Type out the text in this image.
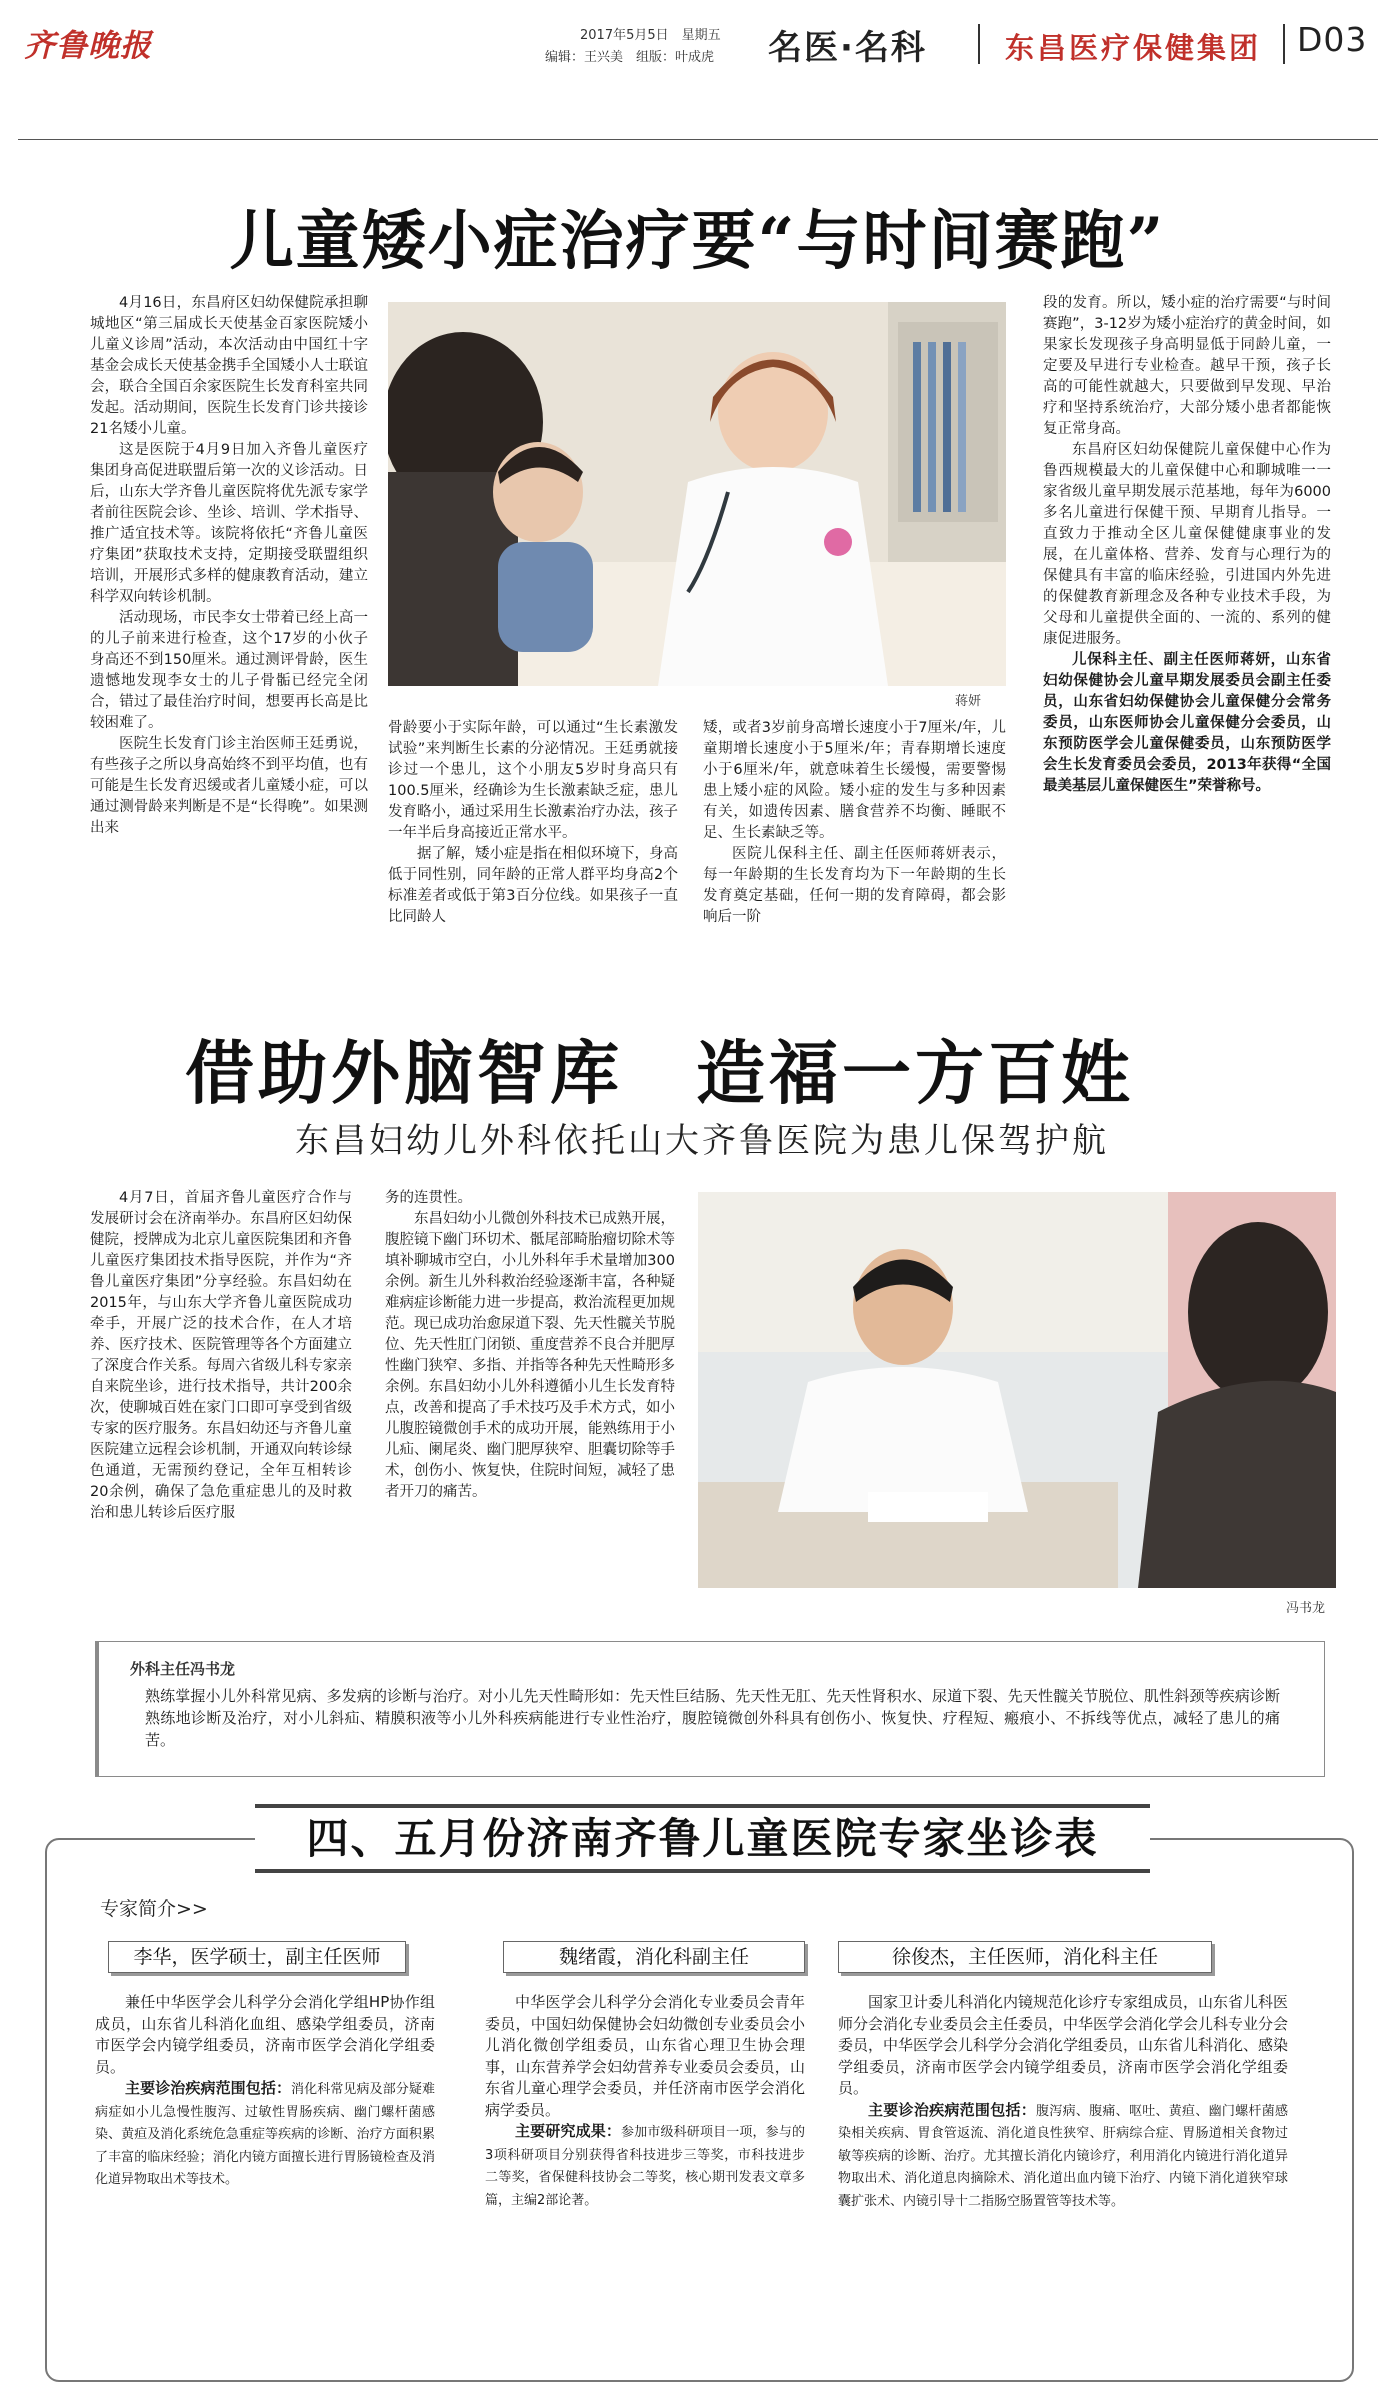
齐鲁晚报	2017年5月5日　星期五
编辑：王兴美　组版：叶成虎 名医·名科	东昌医疗保健集团 D03
儿童矮小症治疗要“与时间赛跑”

4月16日，东昌府区妇幼保健院承担聊城地区“第三届成长天使基金百家医院矮小儿童义诊周”活动，本次活动由中国红十字基金会成长天使基金携手全国矮小人士联谊会，联合全国百余家医院生长发育科室共同发起。活动期间，医院生长发育门诊共接诊21名矮小儿童。

这是医院于4月9日加入齐鲁儿童医疗集团身高促进联盟后第一次的义诊活动。日后，山东大学齐鲁儿童医院将优先派专家学者前往医院会诊、坐诊、培训、学术指导、推广适宜技术等。该院将依托“齐鲁儿童医疗集团”获取技术支持，定期接受联盟组织培训，开展形式多样的健康教育活动，建立科学双向转诊机制。

活动现场，市民李女士带着已经上高一的儿子前来进行检查，这个17岁的小伙子身高还不到150厘米。通过测评骨龄，医生遗憾地发现李女士的儿子骨骺已经完全闭合，错过了最佳治疗时间，想要再长高是比较困难了。

医院生长发育门诊主治医师王廷勇说，有些孩子之所以身高始终不到平均值，也有可能是生长发育迟缓或者儿童矮小症，可以通过测骨龄来判断是不是“长得晚”。如果测出来

蒋妍

骨龄要小于实际年龄，可以通过“生长素激发试验”来判断生长素的分泌情况。王廷勇就接诊过一个患儿，这个小朋友5岁时身高只有100.5厘米，经确诊为生长激素缺乏症，患儿发育略小，通过采用生长激素治疗办法，孩子一年半后身高接近正常水平。

据了解，矮小症是指在相似环境下，身高低于同性别，同年龄的正常人群平均身高2个标准差者或低于第3百分位线。如果孩子一直比同龄人

矮，或者3岁前身高增长速度小于7厘米/年，儿童期增长速度小于5厘米/年；青春期增长速度小于6厘米/年，就意味着生长缓慢，需要警惕患上矮小症的风险。矮小症的发生与多种因素有关，如遗传因素、膳食营养不均衡、睡眠不足、生长素缺乏等。

医院儿保科主任、副主任医师蒋妍表示，每一年龄期的生长发育均为下一年龄期的生长发育奠定基础，任何一期的发育障碍，都会影响后一阶

段的发育。所以，矮小症的治疗需要“与时间赛跑”，3-12岁为矮小症治疗的黄金时间，如果家长发现孩子身高明显低于同龄儿童，一定要及早进行专业检查。越早干预，孩子长高的可能性就越大，只要做到早发现、早治疗和坚持系统治疗，大部分矮小患者都能恢复正常身高。

东昌府区妇幼保健院儿童保健中心作为鲁西规模最大的儿童保健中心和聊城唯一一家省级儿童早期发展示范基地，每年为6000多名儿童进行保健干预、早期育儿指导。一直致力于推动全区儿童保健健康事业的发展，在儿童体格、营养、发育与心理行为的保健具有丰富的临床经验，引进国内外先进的保健教育新理念及各种专业技术手段，为父母和儿童提供全面的、一流的、系列的健康促进服务。

儿保科主任、副主任医师蒋妍，山东省妇幼保健协会儿童早期发展委员会副主任委员，山东省妇幼保健协会儿童保健分会常务委员，山东医师协会儿童保健分会委员，山东预防医学会儿童保健委员，山东预防医学会生长发育委员会委员，2013年获得“全国最美基层儿童保健医生”荣誉称号。

借助外脑智库　造福一方百姓
东昌妇幼儿外科依托山大齐鲁医院为患儿保驾护航

4月7日，首届齐鲁儿童医疗合作与发展研讨会在济南举办。东昌府区妇幼保健院，授牌成为北京儿童医院集团和齐鲁儿童医疗集团技术指导医院，并作为“齐鲁儿童医疗集团”分享经验。东昌妇幼在2015年，与山东大学齐鲁儿童医院成功牵手，开展广泛的技术合作，在人才培养、医疗技术、医院管理等各个方面建立了深度合作关系。每周六省级儿科专家亲自来院坐诊，进行技术指导，共计200余次，使聊城百姓在家门口即可享受到省级专家的医疗服务。东昌妇幼还与齐鲁儿童医院建立远程会诊机制，开通双向转诊绿色通道，无需预约登记，全年互相转诊20余例，确保了急危重症患儿的及时救治和患儿转诊后医疗服

务的连贯性。

东昌妇幼小儿微创外科技术已成熟开展，腹腔镜下幽门环切术、骶尾部畸胎瘤切除术等填补聊城市空白，小儿外科年手术量增加300余例。新生儿外科救治经验逐渐丰富，各种疑难病症诊断能力进一步提高，救治流程更加规范。现已成功治愈尿道下裂、先天性髋关节脱位、先天性肛门闭锁、重度营养不良合并肥厚性幽门狭窄、多指、并指等各种先天性畸形多余例。东昌妇幼小儿外科遵循小儿生长发育特点，改善和提高了手术技巧及手术方式，如小儿腹腔镜微创手术的成功开展，能熟练用于小儿疝、阑尾炎、幽门肥厚狭窄、胆囊切除等手术，创伤小、恢复快，住院时间短，减轻了患者开刀的痛苦。

冯书龙
外科主任冯书龙
熟练掌握小儿外科常见病、多发病的诊断与治疗。对小儿先天性畸形如：先天性巨结肠、先天性无肛、先天性肾积水、尿道下裂、先天性髋关节脱位、肌性斜颈等疾病诊断熟练地诊断及治疗，对小儿斜疝、精膜积液等小儿外科疾病能进行专业性治疗，腹腔镜微创外科具有创伤小、恢复快、疗程短、瘢痕小、不拆线等优点，减轻了患儿的痛苦。
四、五月份济南齐鲁儿童医院专家坐诊表
专家简介>>
李华，医学硕士，副主任医师	魏绪霞，消化科副主任	徐俊杰，主任医师，消化科主任

兼任中华医学会儿科学分会消化学组HP协作组成员，山东省儿科消化血组、感染学组委员，济南市医学会内镜学组委员，济南市医学会消化学组委员。

主要诊治疾病范围包括：消化科常见病及部分疑难病症如小儿急慢性腹泻、过敏性胃肠疾病、幽门螺杆菌感染、黄疸及消化系统危急重症等疾病的诊断、治疗方面积累了丰富的临床经验；消化内镜方面擅长进行胃肠镜检查及消化道异物取出术等技术。

中华医学会儿科学分会消化专业委员会青年委员，中国妇幼保健协会妇幼微创专业委员会小儿消化微创学组委员，山东省心理卫生协会理事，山东营养学会妇幼营养专业委员会委员，山东省儿童心理学会委员，并任济南市医学会消化病学委员。

主要研究成果：参加市级科研项目一项，参与的3项科研项目分别获得省科技进步三等奖，市科技进步二等奖，省保健科技协会二等奖，核心期刊发表文章多篇，主编2部论著。

国家卫计委儿科消化内镜规范化诊疗专家组成员，山东省儿科医师分会消化专业委员会主任委员，中华医学会消化学会儿科专业分会委员，中华医学会儿科学分会消化学组委员，山东省儿科消化、感染学组委员，济南市医学会内镜学组委员，济南市医学会消化学组委员。

主要诊治疾病范围包括：腹泻病、腹痛、呕吐、黄疸、幽门螺杆菌感染相关疾病、胃食管返流、消化道良性狭窄、肝病综合症、胃肠道相关食物过敏等疾病的诊断、治疗。尤其擅长消化内镜诊疗，利用消化内镜进行消化道异物取出术、消化道息肉摘除术、消化道出血内镜下治疗、内镜下消化道狭窄球囊扩张术、内镜引导十二指肠空肠置管等技术等。
